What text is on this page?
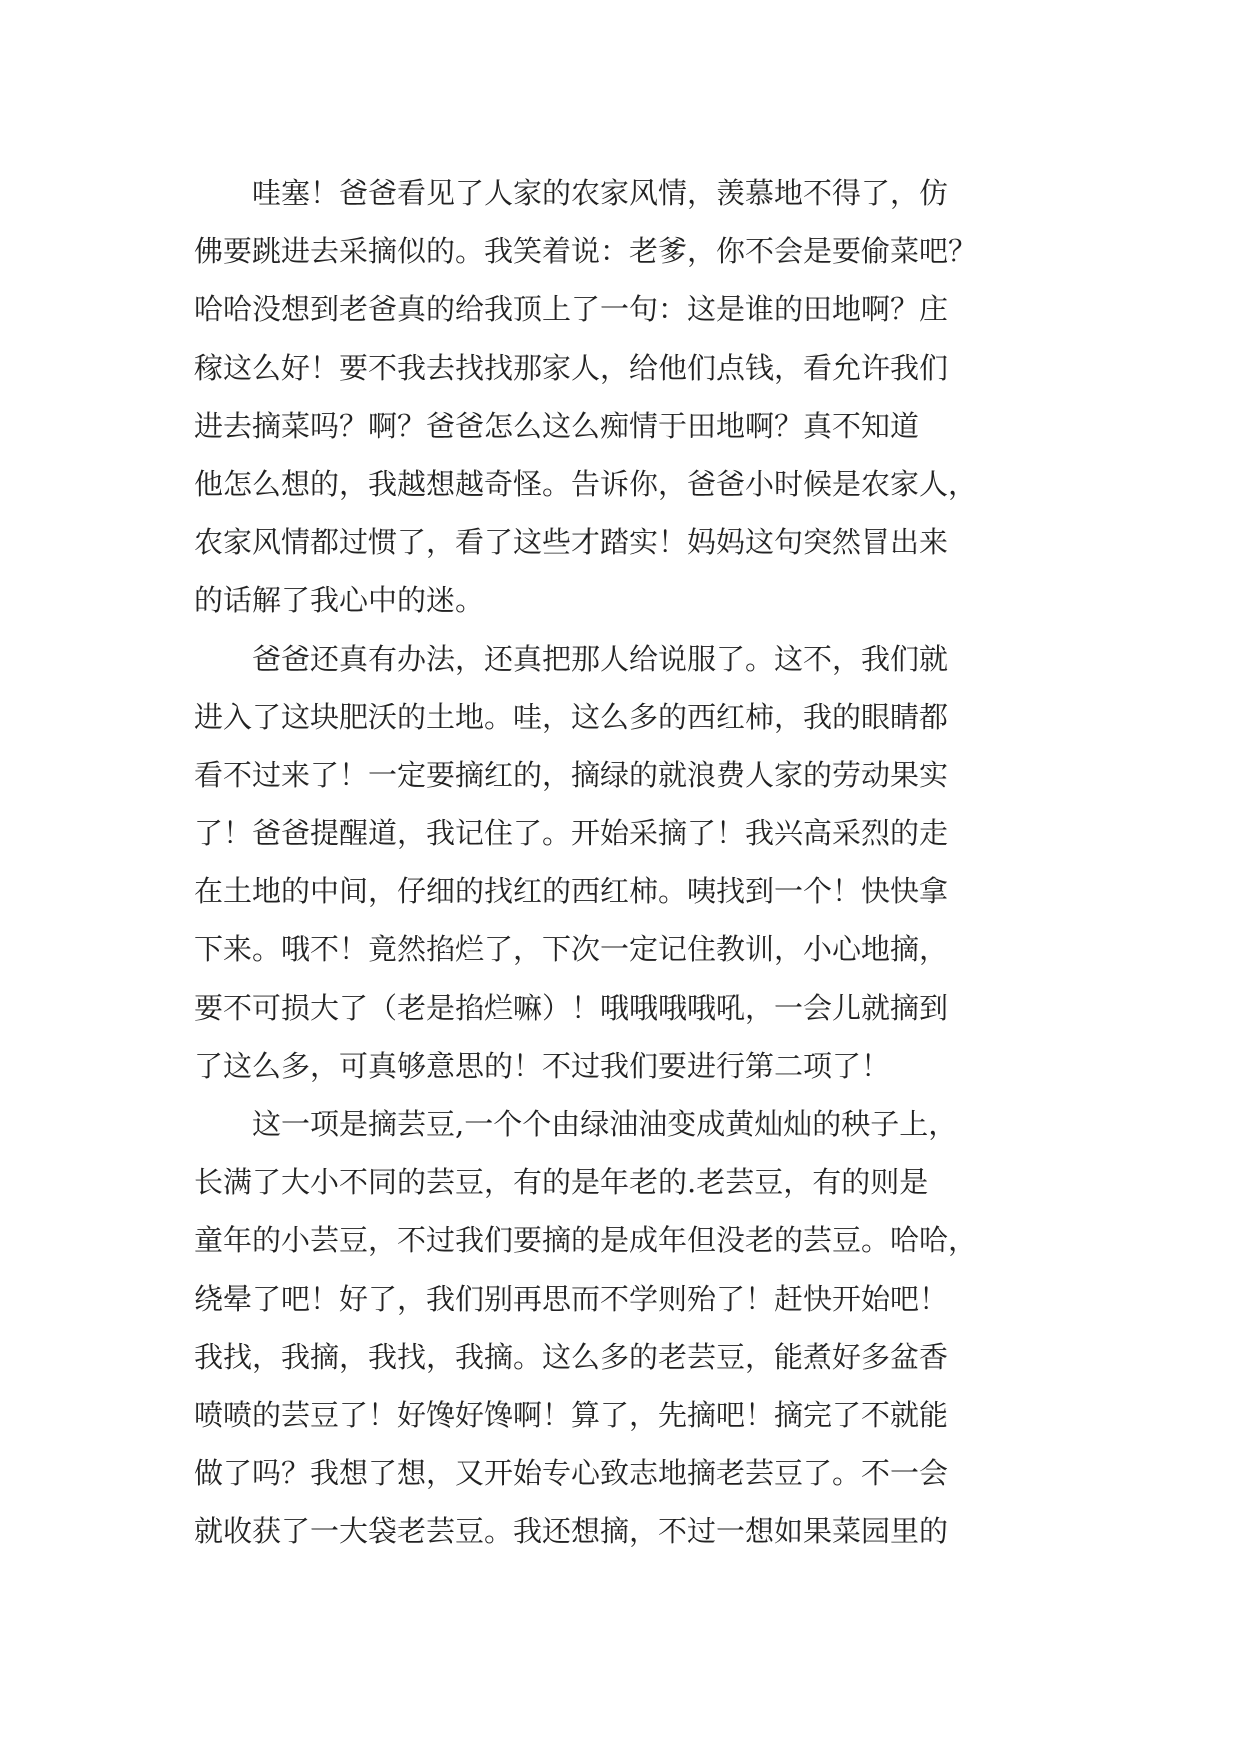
　　哇塞！爸爸看见了人家的农家风情，羡慕地不得了，仿
佛要跳进去采摘似的。我笑着说：老爹，你不会是要偷菜吧？
哈哈没想到老爸真的给我顶上了一句：这是谁的田地啊？庄
稼这么好！要不我去找找那家人，给他们点钱，看允许我们
进去摘菜吗？啊？爸爸怎么这么痴情于田地啊？真不知道
他怎么想的，我越想越奇怪。告诉你，爸爸小时候是农家人，
农家风情都过惯了，看了这些才踏实！妈妈这句突然冒出来
的话解了我心中的迷。
　　爸爸还真有办法，还真把那人给说服了。这不，我们就
进入了这块肥沃的土地。哇，这么多的西红柿，我的眼睛都
看不过来了！一定要摘红的，摘绿的就浪费人家的劳动果实
了！爸爸提醒道，我记住了。开始采摘了！我兴高采烈的走
在土地的中间，仔细的找红的西红柿。咦找到一个！快快拿
下来。哦不！竟然掐烂了，下次一定记住教训，小心地摘，
要不可损大了（老是掐烂嘛）！哦哦哦哦吼，一会儿就摘到
了这么多，可真够意思的！不过我们要进行第二项了！
　　这一项是摘芸豆,一个个由绿油油变成黄灿灿的秧子上，
长满了大小不同的芸豆，有的是年老的.老芸豆，有的则是
童年的小芸豆，不过我们要摘的是成年但没老的芸豆。哈哈，
绕晕了吧！好了，我们别再思而不学则殆了！赶快开始吧！
我找，我摘，我找，我摘。这么多的老芸豆，能煮好多盆香
喷喷的芸豆了！好馋好馋啊！算了，先摘吧！摘完了不就能
做了吗？我想了想，又开始专心致志地摘老芸豆了。不一会
就收获了一大袋老芸豆。我还想摘，不过一想如果菜园里的
